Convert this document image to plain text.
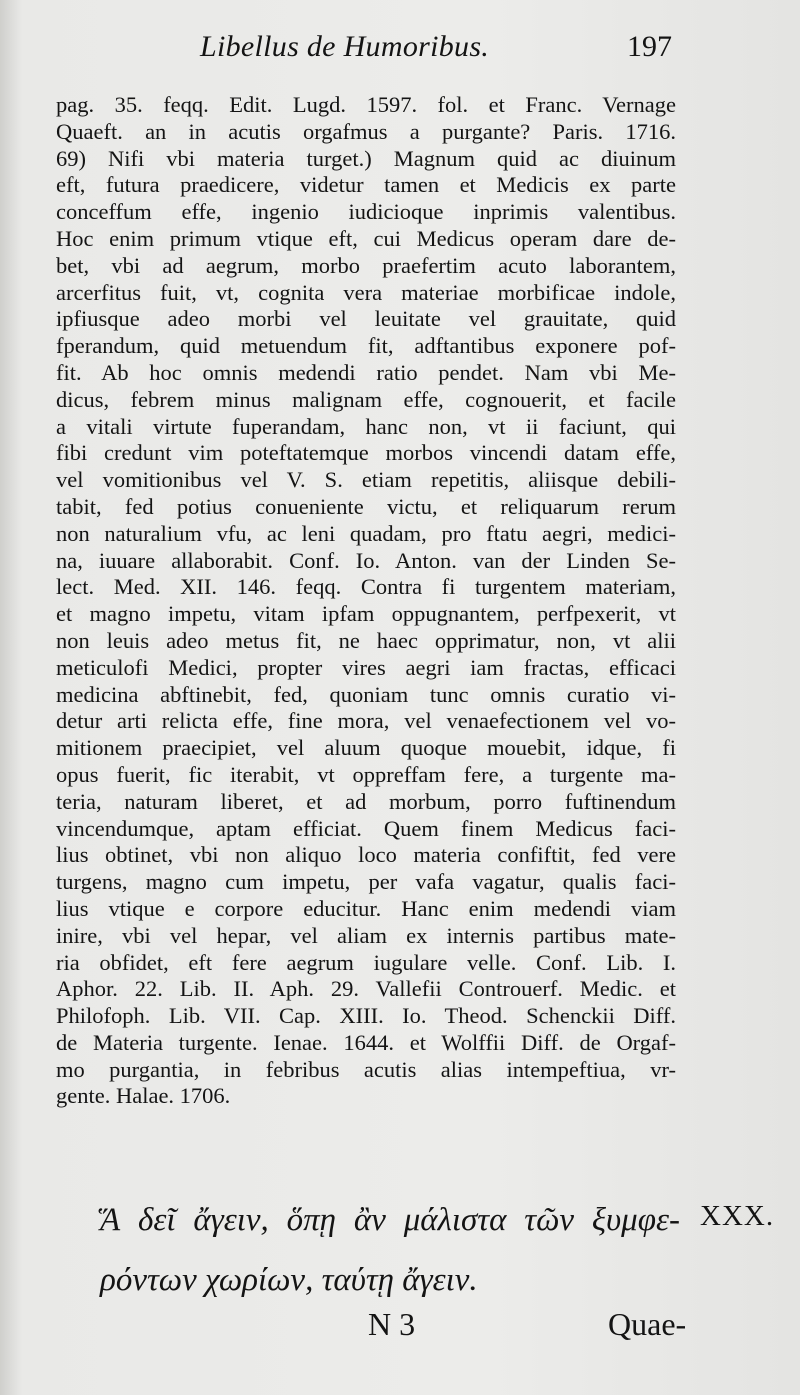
Libellus de Humoribus.	197
pag. 35. feqq. Edit. Lugd. 1597. fol. et Franc. Vernage
Quaeft. an in acutis orgafmus a purgante? Paris. 1716.
69) Nifi vbi materia turget.) Magnum quid ac diuinum
eft, futura praedicere, videtur tamen et Medicis ex parte
conceffum effe, ingenio iudicioque inprimis valentibus.
Hoc enim primum vtique eft, cui Medicus operam dare de-
bet, vbi ad aegrum, morbo praefertim acuto laborantem,
arcerfitus fuit, vt, cognita vera materiae morbificae indole,
ipfiusque adeo morbi vel leuitate vel grauitate, quid
fperandum, quid metuendum fit, adftantibus exponere pof-
fit. Ab hoc omnis medendi ratio pendet. Nam vbi Me-
dicus, febrem minus malignam effe, cognouerit, et facile
a vitali virtute fuperandam, hanc non, vt ii faciunt, qui
fibi credunt vim poteftatemque morbos vincendi datam effe,
vel vomitionibus vel V. S. etiam repetitis, aliisque debili-
tabit, fed potius conueniente victu, et reliquarum rerum
non naturalium vfu, ac leni quadam, pro ftatu aegri, medici-
na, iuuare allaborabit. Conf. Io. Anton. van der Linden Se-
lect. Med. XII. 146. feqq. Contra fi turgentem materiam,
et magno impetu, vitam ipfam oppugnantem, perfpexerit, vt
non leuis adeo metus fit, ne haec opprimatur, non, vt alii
meticulofi Medici, propter vires aegri iam fractas, efficaci
medicina abftinebit, fed, quoniam tunc omnis curatio vi-
detur arti relicta effe, fine mora, vel venaefectionem vel vo-
mitionem praecipiet, vel aluum quoque mouebit, idque, fi
opus fuerit, fic iterabit, vt oppreffam fere, a turgente ma-
teria, naturam liberet, et ad morbum, porro fuftinendum
vincendumque, aptam efficiat. Quem finem Medicus faci-
lius obtinet, vbi non aliquo loco materia confiftit, fed vere
turgens, magno cum impetu, per vafa vagatur, qualis faci-
lius vtique e corpore educitur. Hanc enim medendi viam
inire, vbi vel hepar, vel aliam ex internis partibus mate-
ria obfidet, eft fere aegrum iugulare velle. Conf. Lib. I.
Aphor. 22. Lib. II. Aph. 29. Vallefii Controuerf. Medic. et
Philofoph. Lib. VII. Cap. XIII. Io. Theod. Schenckii Diff.
de Materia turgente. Ienae. 1644. et Wolffii Diff. de Orgaf-
mo purgantia, in febribus acutis alias intempeftiua, vr-
gente. Halae. 1706.
Ἅ δεῖ ἄγειν, ὅπῃ ἂν μάλιστα τῶν ξυμφε-
ρόντων χωρίων, ταύτῃ ἄγειν.
XXX.
N 3	Quae-
